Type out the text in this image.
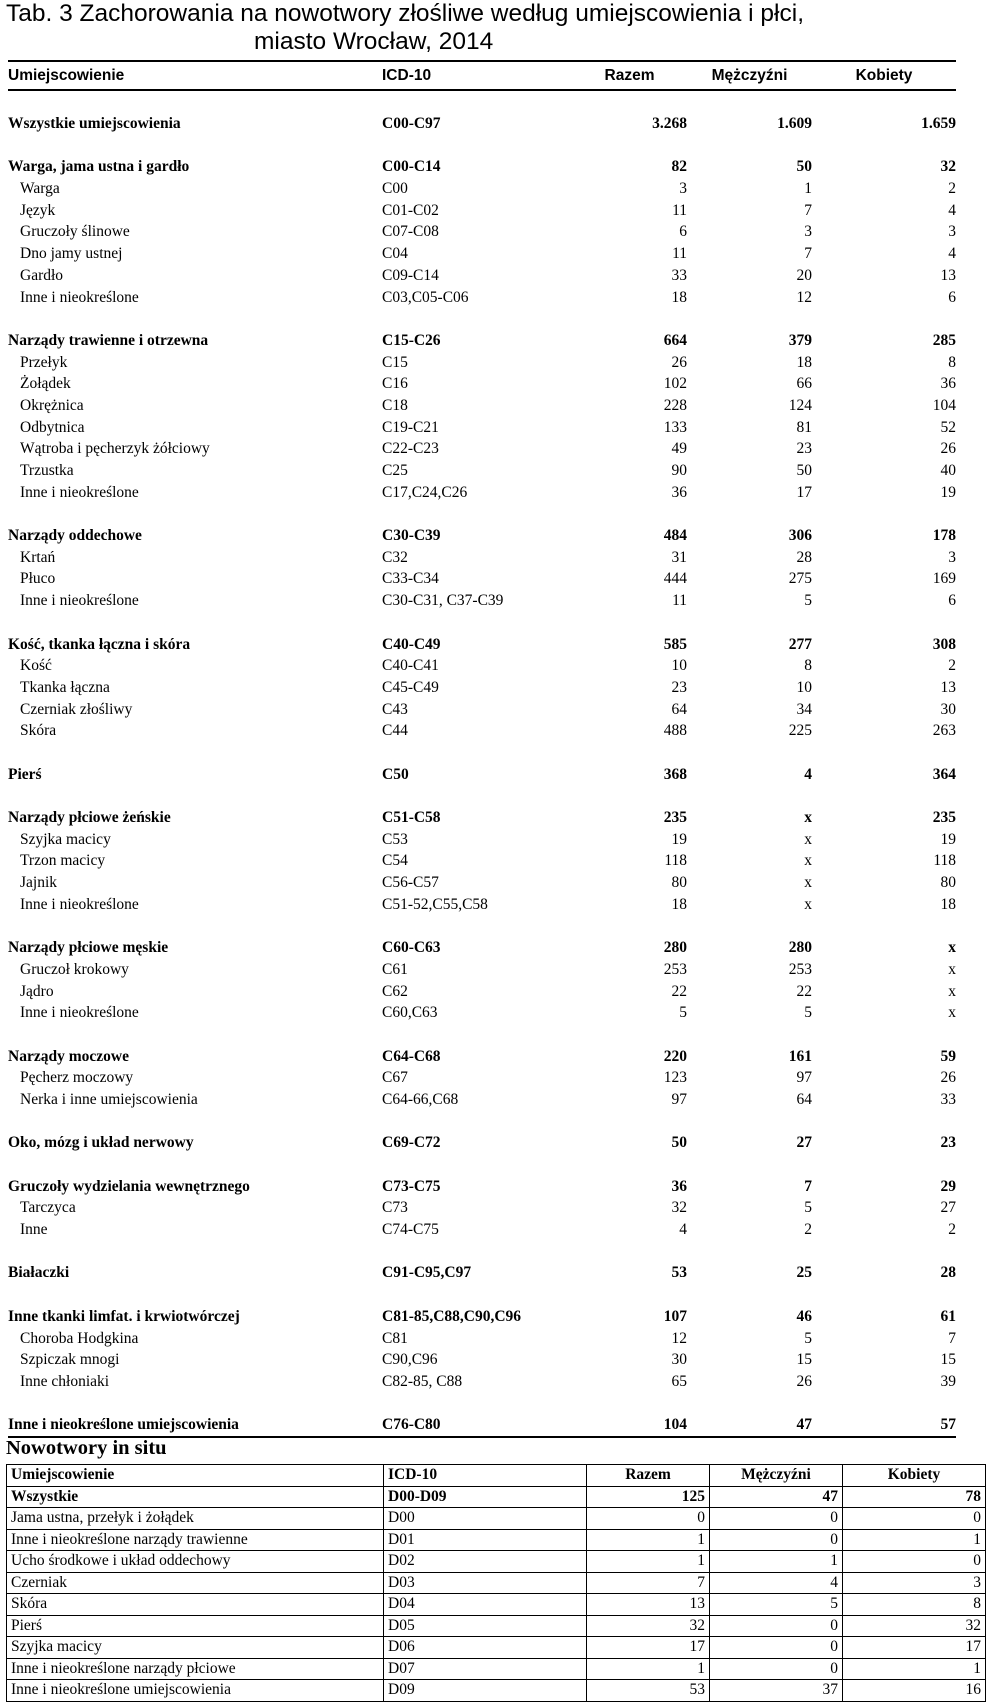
Tab. 3 Zachorowania na nowotwory złośliwe według umiejscowienia i płci,
miasto Wrocław, 2014
Umiejscowienie	ICD-10	Razem	Mężczyźni	Kobiety

Wszystkie umiejscowienia	C00-C97	3.268	1.609	1.659

Warga, jama ustna i gardło	C00-C14	82	50	32
Warga	C00	3	1	2
Język	C01-C02	11	7	4
Gruczoły ślinowe	C07-C08	6	3	3
Dno jamy ustnej	C04	11	7	4
Gardło	C09-C14	33	20	13
Inne i nieokreślone	C03,C05-C06	18	12	6

Narządy trawienne i otrzewna	C15-C26	664	379	285
Przełyk	C15	26	18	8
Żołądek	C16	102	66	36
Okrężnica	C18	228	124	104
Odbytnica	C19-C21	133	81	52
Wątroba i pęcherzyk żółciowy	C22-C23	49	23	26
Trzustka	C25	90	50	40
Inne i nieokreślone	C17,C24,C26	36	17	19

Narządy oddechowe	C30-C39	484	306	178
Krtań	C32	31	28	3
Płuco	C33-C34	444	275	169
Inne i nieokreślone	C30-C31, C37-C39	11	5	6

Kość, tkanka łączna i skóra	C40-C49	585	277	308
Kość	C40-C41	10	8	2
Tkanka łączna	C45-C49	23	10	13
Czerniak złośliwy	C43	64	34	30
Skóra	C44	488	225	263

Pierś	C50	368	4	364

Narządy płciowe żeńskie	C51-C58	235	x	235
Szyjka macicy	C53	19	x	19
Trzon macicy	C54	118	x	118
Jajnik	C56-C57	80	x	80
Inne i nieokreślone	C51-52,C55,C58	18	x	18

Narządy płciowe męskie	C60-C63	280	280	x
Gruczoł krokowy	C61	253	253	x
Jądro	C62	22	22	x
Inne i nieokreślone	C60,C63	5	5	x

Narządy moczowe	C64-C68	220	161	59
Pęcherz moczowy	C67	123	97	26
Nerka i inne umiejscowienia	C64-66,C68	97	64	33

Oko, mózg i układ nerwowy	C69-C72	50	27	23

Gruczoły wydzielania wewnętrznego	C73-C75	36	7	29
Tarczyca	C73	32	5	27
Inne	C74-C75	4	2	2

Białaczki	C91-C95,C97	53	25	28

Inne tkanki limfat. i krwiotwórczej	C81-85,C88,C90,C96	107	46	61
Choroba Hodgkina	C81	12	5	7
Szpiczak mnogi	C90,C96	30	15	15
Inne chłoniaki	C82-85, C88	65	26	39

Inne i nieokreślone umiejscowienia	C76-C80	104	47	57
Nowotwory in situ
Umiejscowienie	ICD-10	Razem	Mężczyźni	Kobiety
Wszystkie	D00-D09	125	47	78
Jama ustna, przełyk i żołądek	D00	0	0	0
Inne i nieokreślone narządy trawienne	D01	1	0	1
Ucho środkowe i układ oddechowy	D02	1	1	0
Czerniak	D03	7	4	3
Skóra	D04	13	5	8
Pierś	D05	32	0	32
Szyjka macicy	D06	17	0	17
Inne i nieokreślone narządy płciowe	D07	1	0	1
Inne i nieokreślone umiejscowienia	D09	53	37	16
